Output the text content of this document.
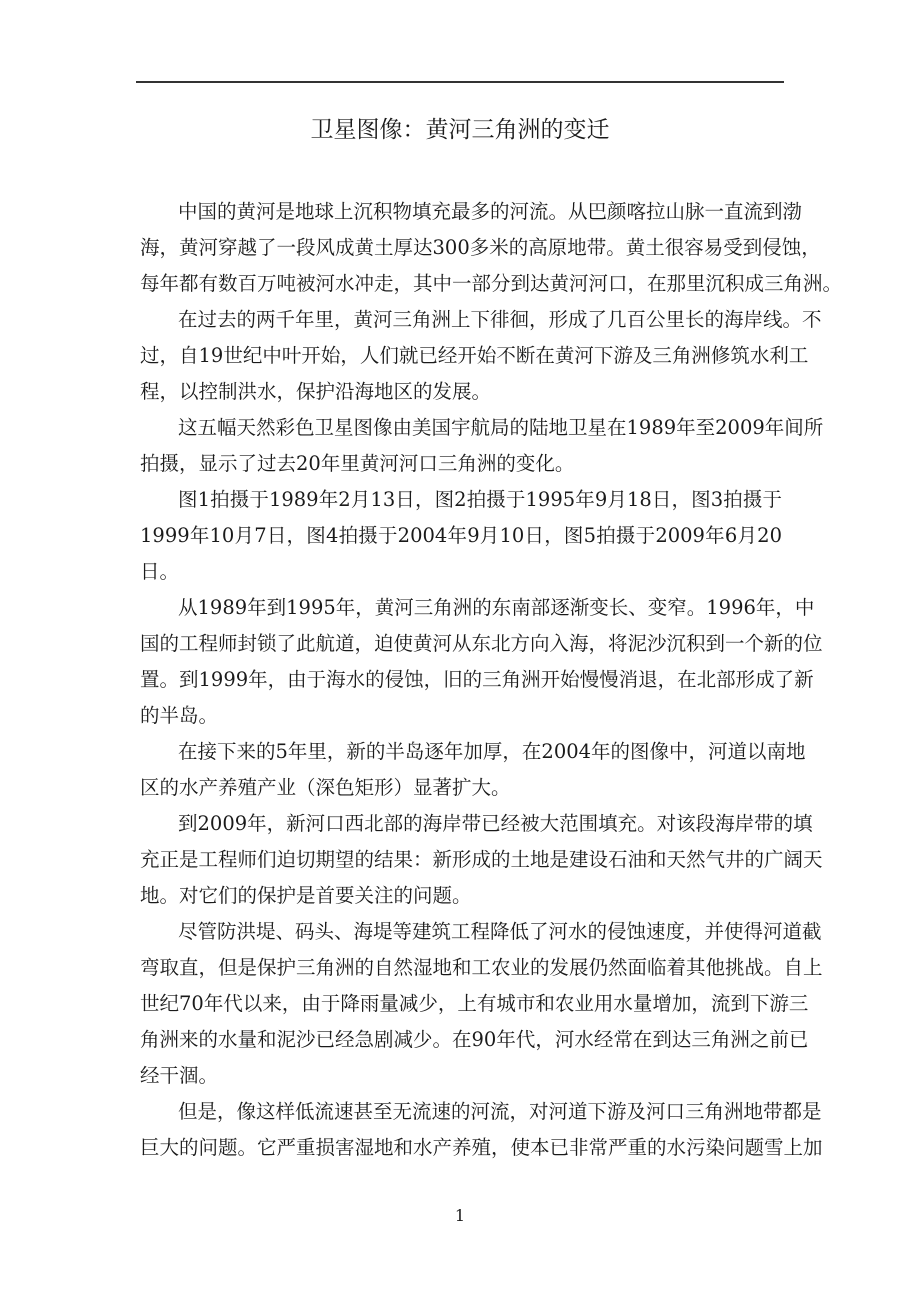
卫星图像：黄河三角洲的变迁
中国的黄河是地球上沉积物填充最多的河流。从巴颜喀拉山脉一直流到渤
海，黄河穿越了一段风成黄土厚达300多米的高原地带。黄土很容易受到侵蚀，
每年都有数百万吨被河水冲走，其中一部分到达黄河河口，在那里沉积成三角洲。
在过去的两千年里，黄河三角洲上下徘徊，形成了几百公里长的海岸线。不
过，自19世纪中叶开始，人们就已经开始不断在黄河下游及三角洲修筑水利工
程，以控制洪水，保护沿海地区的发展。
这五幅天然彩色卫星图像由美国宇航局的陆地卫星在1989年至2009年间所
拍摄，显示了过去20年里黄河河口三角洲的变化。
图1拍摄于1989年2月13日，图2拍摄于1995年9月18日，图3拍摄于
1999年10月7日，图4拍摄于2004年9月10日，图5拍摄于2009年6月20
日。
从1989年到1995年，黄河三角洲的东南部逐渐变长、变窄。1996年，中
国的工程师封锁了此航道，迫使黄河从东北方向入海，将泥沙沉积到一个新的位
置。到1999年，由于海水的侵蚀，旧的三角洲开始慢慢消退，在北部形成了新
的半岛。
在接下来的5年里，新的半岛逐年加厚，在2004年的图像中，河道以南地
区的水产养殖产业（深色矩形）显著扩大。
到2009年，新河口西北部的海岸带已经被大范围填充。对该段海岸带的填
充正是工程师们迫切期望的结果：新形成的土地是建设石油和天然气井的广阔天
地。对它们的保护是首要关注的问题。
尽管防洪堤、码头、海堤等建筑工程降低了河水的侵蚀速度，并使得河道截
弯取直，但是保护三角洲的自然湿地和工农业的发展仍然面临着其他挑战。自上
世纪70年代以来，由于降雨量减少，上有城市和农业用水量增加，流到下游三
角洲来的水量和泥沙已经急剧减少。在90年代，河水经常在到达三角洲之前已
经干涸。
但是，像这样低流速甚至无流速的河流，对河道下游及河口三角洲地带都是
巨大的问题。它严重损害湿地和水产养殖，使本已非常严重的水污染问题雪上加
1
